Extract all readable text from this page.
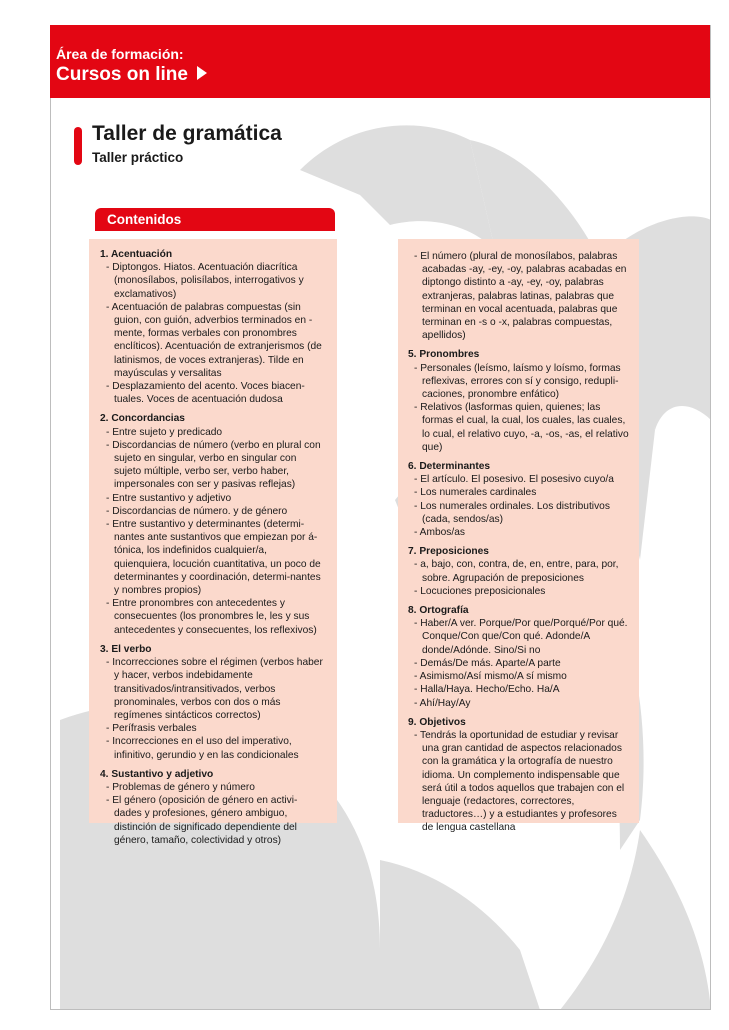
Área de formación:
Cursos on line
Taller de gramática
Taller práctico
Contenidos
1. Acentuación
- Diptongos. Hiatos. Acentuación diacrítica (monosílabos, polisílabos, interrogativos y exclamativos)
- Acentuación de palabras compuestas (sin guion, con guión, adverbios terminados en -mente, formas verbales con pronombres enclíticos). Acentuación de extranjerismos (de latinismos, de voces extranjeras). Tilde en mayúsculas y versalitas
- Desplazamiento del acento. Voces biacen-tuales. Voces de acentuación dudosa
2. Concordancias
- Entre sujeto y predicado
- Discordancias de número (verbo en plural con sujeto en singular, verbo en singular con sujeto múltiple, verbo ser, verbo haber, impersonales con ser y pasivas reflejas)
- Entre sustantivo y adjetivo
- Discordancias de número. y de género
- Entre sustantivo y determinantes (determi-nantes ante sustantivos que empiezan por á- tónica, los indefinidos cualquier/a, quienquiera, locución cuantitativa, un poco de determinantes y coordinación, determi-nantes y nombres propios)
- Entre pronombres con antecedentes y consecuentes (los pronombres le, les y sus antecedentes y consecuentes, los reflexivos)
3. El verbo
- Incorrecciones sobre el régimen (verbos haber y hacer, verbos indebidamente transitivados/intransitivados, verbos pronominales, verbos con dos o más regímenes sintácticos correctos)
- Perífrasis verbales
- Incorrecciones en el uso del imperativo, infinitivo, gerundio y en las condicionales
4. Sustantivo y adjetivo
- Problemas de género y número
- El género (oposición de género en activi-dades y profesiones, género ambiguo, distinción de significado dependiente del género, tamaño, colectividad y otros)
- El número (plural de monosílabos, palabras acabadas -ay, -ey, -oy, palabras acabadas en diptongo distinto a -ay, -ey, -oy, palabras extranjeras, palabras latinas, palabras que terminan en vocal acentuada, palabras que terminan en -s o -x, palabras compuestas, apellidos)
5. Pronombres
- Personales (leísmo, laísmo y loísmo, formas reflexivas, errores con sí y consigo, redupli-caciones, pronombre enfático)
- Relativos (lasformas quien, quienes; las formas el cual, la cual, los cuales, las cuales, lo cual, el relativo cuyo, -a, -os, -as, el relativo que)
6. Determinantes
- El artículo. El posesivo. El posesivo cuyo/a
- Los numerales cardinales
- Los numerales ordinales. Los distributivos (cada, sendos/as)
- Ambos/as
7. Preposiciones
- a, bajo, con, contra, de, en, entre, para, por, sobre. Agrupación de preposiciones
- Locuciones preposicionales
8. Ortografía
- Haber/A ver. Porque/Por que/Porqué/Por qué. Conque/Con que/Con qué. Adonde/A donde/Adónde. Sino/Si no
- Demás/De más. Aparte/A parte
- Asimismo/Así mismo/A sí mismo
- Halla/Haya. Hecho/Echo. Ha/A
- Ahí/Hay/Ay
9. Objetivos
- Tendrás la oportunidad de estudiar y revisar una gran cantidad de aspectos relacionados con la gramática y la ortografía de nuestro idioma. Un complemento indispensable que será útil a todos aquellos que trabajen con el lenguaje (redactores, correctores, traductores…) y a estudiantes y profesores de lengua castellana
